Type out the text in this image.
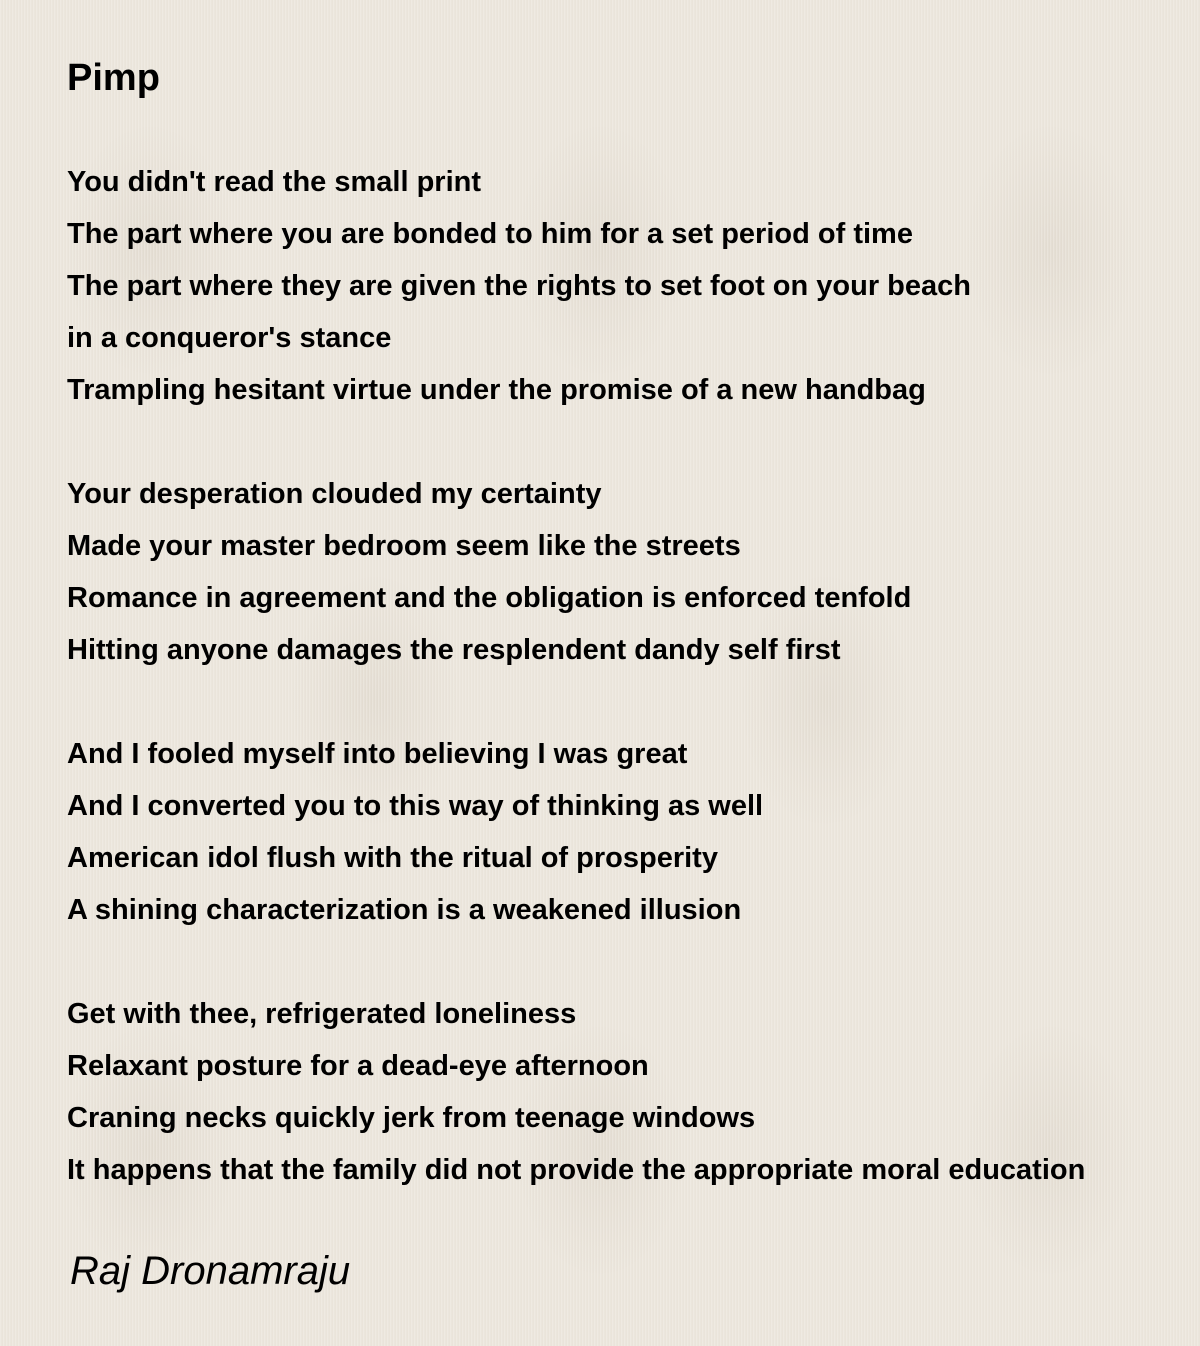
Pimp
You didn't read the small print
The part where you are bonded to him for a set period of time
The part where they are given the rights to set foot on your beach
in a conqueror's stance
Trampling hesitant virtue under the promise of a new handbag
Your desperation clouded my certainty
Made your master bedroom seem like the streets
Romance in agreement and the obligation is enforced tenfold
Hitting anyone damages the resplendent dandy self first
And I fooled myself into believing I was great
And I converted you to this way of thinking as well
American idol flush with the ritual of prosperity
A shining characterization is a weakened illusion
Get with thee, refrigerated loneliness
Relaxant posture for a dead-eye afternoon
Craning necks quickly jerk from teenage windows
It happens that the family did not provide the appropriate moral education
Raj Dronamraju
